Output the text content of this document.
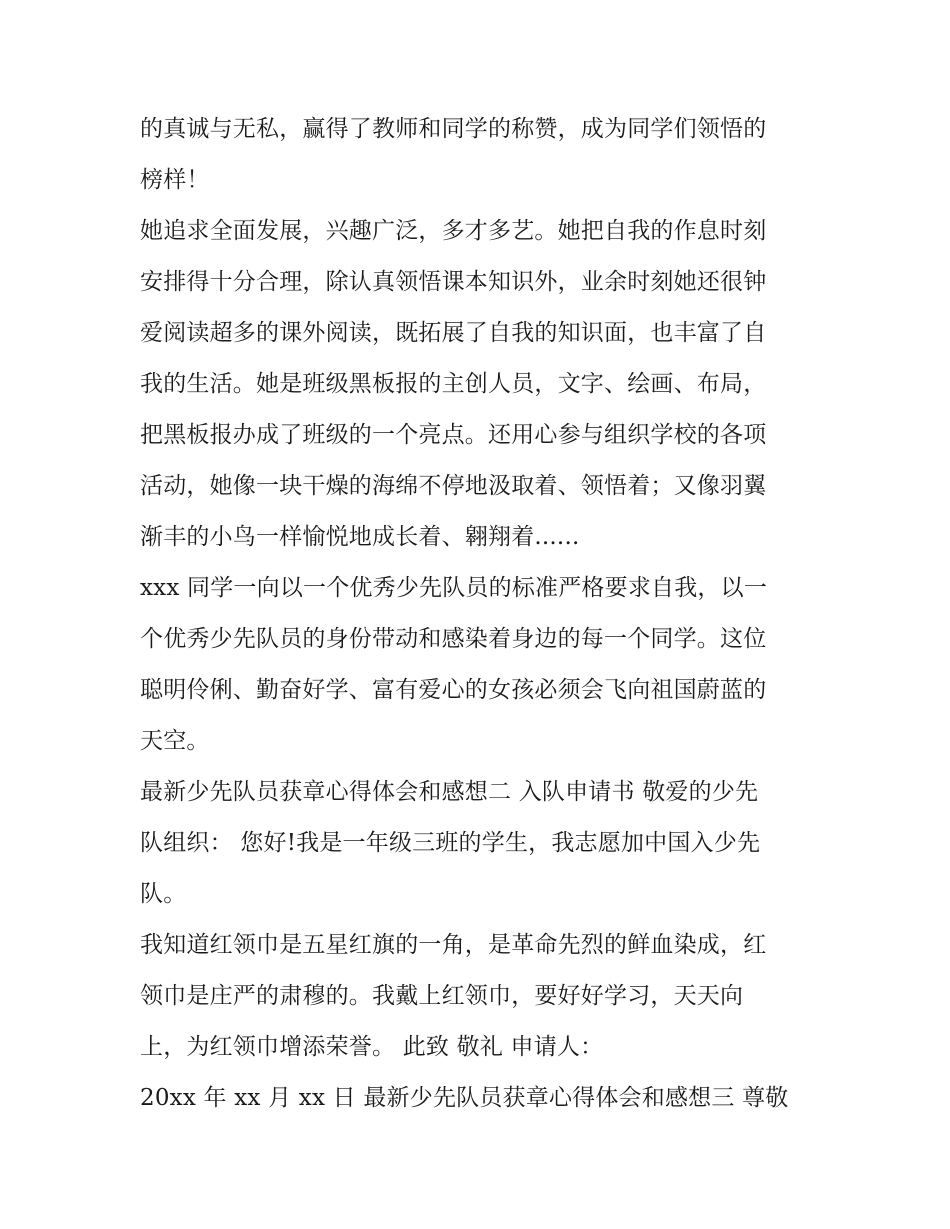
的真诚与无私，赢得了教师和同学的称赞，成为同学们领悟的
榜样！
她追求全面发展，兴趣广泛，多才多艺。她把自我的作息时刻
安排得十分合理，除认真领悟课本知识外，业余时刻她还很钟
爱阅读超多的课外阅读，既拓展了自我的知识面，也丰富了自
我的生活。她是班级黑板报的主创人员，文字、绘画、布局，
把黑板报办成了班级的一个亮点。还用心参与组织学校的各项
活动，她像一块干燥的海绵不停地汲取着、领悟着；又像羽翼
渐丰的小鸟一样愉悦地成长着、翱翔着......
xxx 同学一向以一个优秀少先队员的标准严格要求自我，以一
个优秀少先队员的身份带动和感染着身边的每一个同学。这位
聪明伶俐、勤奋好学、富有爱心的女孩必须会飞向祖国蔚蓝的
天空。
最新少先队员获章心得体会和感想二 入队申请书 敬爱的少先
队组织： 您好!我是一年级三班的学生，我志愿加中国入少先
队。
我知道红领巾是五星红旗的一角，是革命先烈的鲜血染成，红
领巾是庄严的肃穆的。我戴上红领巾，要好好学习，天天向
上，为红领巾增添荣誉。 此致 敬礼 申请人：
20xx 年 xx 月 xx 日 最新少先队员获章心得体会和感想三 尊敬
